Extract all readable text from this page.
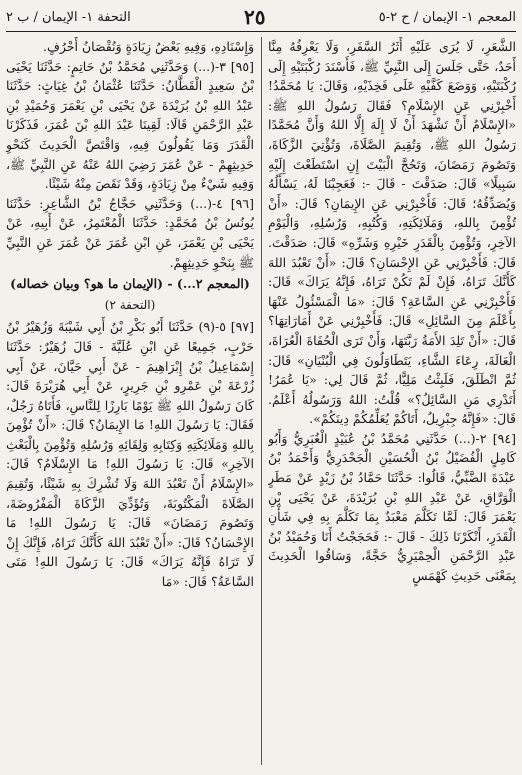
المعجم ١- الإيمان / ح ٢-٥
٢٥
التحفة ١- الإيمان / ب ٢

الشَّعَرِ، لَا يُرَى عَلَيْهِ أَثَرُ السَّفَرِ، وَلَا يَعْرِفُهُ مِنَّا أَحَدٌ، حَتَّى جَلَسَ إِلَى النَّبِيِّ ﷺ، فَأَسْنَدَ رُكْبَتَيْهِ إِلَى رُكْبَتَيْهِ، وَوَضَعَ كَفَّيْهِ عَلَى فَخِذَيْهِ، وَقَالَ: يَا مُحَمَّدُ! أَخْبِرْنِي عَنِ الإِسْلَامِ؟ فَقَالَ رَسُولُ اللهِ ﷺ: «الإِسْلَامُ أَنْ تَشْهَدَ أَنْ لَا إِلَهَ إِلَّا اللهُ وَأَنَّ مُحَمَّدًا رَسُولُ اللهِ ﷺ، وَتُقِيمَ الصَّلَاةَ، وَتُؤْتِيَ الزَّكَاةَ، وَتَصُومَ رَمَضَانَ، وَتَحُجَّ الْبَيْتَ إِنِ اسْتَطَعْتَ إِلَيْهِ سَبِيلًا» قَالَ: صَدَقْتَ - قَالَ -: فَعَجِبْنَا لَهُ، يَسْأَلُهُ وَيُصَدِّقُهُ؛ قَالَ: فَأَخْبِرْنِي عَنِ الإِيمَانِ؟ قَالَ: «أَنْ تُؤْمِنَ بِاللهِ، وَمَلَائِكَتِهِ، وَكُتُبِهِ، وَرُسُلِهِ، وَالْيَوْمِ الآخِرِ، وَتُؤْمِنَ بِالْقَدَرِ خَيْرِهِ وَشَرِّهِ» قَالَ: صَدَقْتَ. قَالَ: فَأَخْبِرْنِي عَنِ الإِحْسَانِ؟ قَالَ: «أَنْ تَعْبُدَ اللهَ كَأَنَّكَ تَرَاهُ، فَإِنْ لَمْ تَكُنْ تَرَاهُ، فَإِنَّهُ يَرَاكَ» قَالَ: فَأَخْبِرْنِي عَنِ السَّاعَةِ؟ قَالَ: «مَا الْمَسْئُولُ عَنْهَا بِأَعْلَمَ مِنَ السَّائِلِ» قَالَ: فَأَخْبِرْنِي عَنْ أَمَارَاتِهَا؟ قَالَ: «أَنْ تَلِدَ الأَمَةُ رَبَّتَهَا، وَأَنْ تَرَى الْحُفَاةَ الْعُرَاةَ، الْعَالَةَ، رِعَاءَ الشَّاءِ، يَتَطَاوَلُونَ فِي الْبُنْيَانِ» قَالَ: ثُمَّ انْطَلَقَ، فَلَبِثْتُ مَلِيًّا، ثُمَّ قَالَ لِي: «يَا عُمَرُ! أَتَدْرِي مَنِ السَّائِلُ؟» قُلْتُ: اللهُ وَرَسُولُهُ أَعْلَمُ. قَالَ: «فَإِنَّهُ جِبْرِيلُ، أَتَاكُمْ يُعَلِّمُكُمْ دِينَكُمْ».

[٩٤] ٢-(...) حَدَّثَنِي مُحَمَّدُ بْنُ عُبَيْدٍ الْغُبَرِيُّ وَأَبُو كَامِلٍ الْفُضَيْلُ بْنُ الْحُسَيْنِ الْجَحْدَرِيُّ وَأَحْمَدُ بْنُ عَبْدَةَ الضَّبِّيُّ، قَالُوا: حَدَّثَنَا حَمَّادُ بْنُ زَيْدٍ عَنْ مَطَرٍ الْوَرَّاقِ، عَنْ عَبْدِ اللهِ بْنِ بُرَيْدَةَ، عَنْ يَحْيَى بْنِ يَعْمَرَ قَالَ: لَمَّا تَكَلَّمَ مَعْبَدٌ بِمَا تَكَلَّمَ بِهِ فِي شَأْنِ الْقَدَرِ، أَنْكَرْنَا ذَلِكَ - قَالَ -: فَحَجَجْتُ أَنَا وَحُمَيْدُ بْنُ عَبْدِ الرَّحْمَنِ الْحِمْيَرِيُّ حَجَّةً، وَسَاقُوا الْحَدِيثَ بِمَعْنَى حَدِيثِ كَهْمَسٍ

وَإِسْنَادِهِ، وَفِيهِ بَعْضُ زِيَادَةٍ وَنُقْصَانُ أَحْرُفٍ.

[٩٥] ٣-(...) وَحَدَّثَنِي مُحَمَّدُ بْنُ حَاتِمٍ: حَدَّثَنَا يَحْيَى بْنُ سَعِيدٍ الْقَطَّانُ: حَدَّثَنَا عُثْمَانُ بْنُ غِيَاثٍ: حَدَّثَنَا عَبْدُ اللهِ بْنُ بُرَيْدَةَ عَنْ يَحْيَى بْنِ يَعْمَرَ وَحُمَيْدِ بْنِ عَبْدِ الرَّحْمَنِ قَالَا: لَقِينَا عَبْدَ اللهِ بْنَ عُمَرَ، فَذَكَرْنَا الْقَدَرَ وَمَا يَقُولُونَ فِيهِ، وَاقْتَصَّ الْحَدِيثَ كَنَحْوِ حَدِيثِهِمْ - عَنْ عُمَرَ رَضِيَ اللهُ عَنْهُ عَنِ النَّبِيِّ ﷺ، وَفِيهِ شَيْءٌ مِنْ زِيَادَةٍ، وَقَدْ نَقَصَ مِنْهُ شَيْئًا.

[٩٦] ٤-(...) وَحَدَّثَنِي حَجَّاجُ بْنُ الشَّاعِرِ: حَدَّثَنَا يُونُسُ بْنُ مُحَمَّدٍ: حَدَّثَنَا الْمُعْتَمِرُ، عَنْ أَبِيهِ، عَنْ يَحْيَى بْنِ يَعْمَرَ، عَنِ ابْنِ عُمَرَ عَنْ عُمَرَ عَنِ النَّبِيِّ ﷺ بِنَحْوِ حَدِيثِهِمْ.

(المعجم ٢...) - (الإيمان ما هو؟ وبيان خصاله)

(التحفة ٢)

[٩٧] ٥-(٩) حَدَّثَنَا أَبُو بَكْرِ بْنُ أَبِي شَيْبَةَ وَزُهَيْرُ بْنُ حَرْبٍ، جَمِيعًا عَنِ ابْنِ عُلَيَّةَ - قَالَ زُهَيْرٌ: حَدَّثَنَا إِسْمَاعِيلُ بْنُ إِبْرَاهِيمَ - عَنْ أَبِي حَيَّانَ، عَنْ أَبِي زُرْعَةَ بْنِ عَمْرِو بْنِ جَرِيرٍ، عَنْ أَبِي هُرَيْرَةَ قَالَ: كَانَ رَسُولُ اللهِ ﷺ يَوْمًا بَارِزًا لِلنَّاسِ، فَأَتَاهُ رَجُلٌ، فَقَالَ: يَا رَسُولَ اللهِ! مَا الإِيمَانُ؟ قَالَ: «أَنْ تُؤْمِنَ بِاللهِ وَمَلَائِكَتِهِ وَكِتَابِهِ وَلِقَائِهِ وَرُسُلِهِ وَتُؤْمِنَ بِالْبَعْثِ الآخِرِ» قَالَ: يَا رَسُولَ اللهِ! مَا الإِسْلَامُ؟ قَالَ: «الإِسْلَامُ أَنْ تَعْبُدَ اللهَ وَلَا تُشْرِكَ بِهِ شَيْئًا، وَتُقِيمَ الصَّلَاةَ الْمَكْتُوبَةَ، وَتُؤَدِّيَ الزَّكَاةَ الْمَفْرُوضَةَ، وَتَصُومَ رَمَضَانَ» قَالَ: يَا رَسُولَ اللهِ! مَا الإِحْسَانُ؟ قَالَ: «أَنْ تَعْبُدَ اللهَ كَأَنَّكَ تَرَاهُ، فَإِنَّكَ إِنْ لَا تَرَاهُ فَإِنَّهُ يَرَاكَ» قَالَ: يَا رَسُولَ اللهِ! مَتَى السَّاعَةُ؟ قَالَ: «مَا
